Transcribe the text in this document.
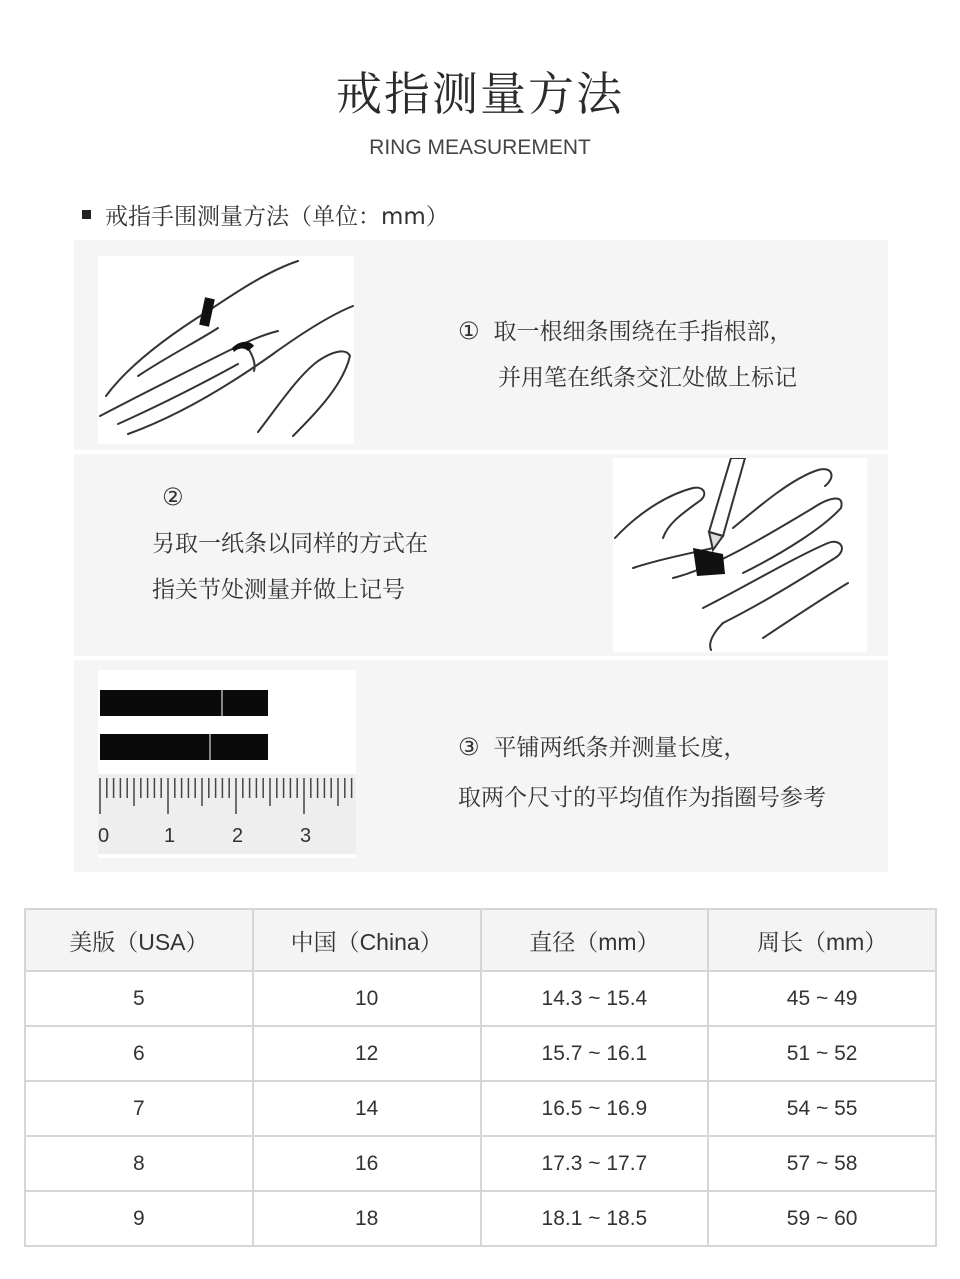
戒指测量方法
RING MEASUREMENT
戒指手围测量方法（单位：mm）
① 取一根细条围绕在手指根部，
并用笔在纸条交汇处做上标记
②
另取一纸条以同样的方式在
指关节处测量并做上记号
0	1	2	3
③ 平铺两纸条并测量长度，
取两个尺寸的平均值作为指圈号参考
美版（USA）	中国（China）	直径（mm）	周长（mm）
5	10	14.3 ~ 15.4	45 ~ 49
6	12	15.7 ~ 16.1	51 ~ 52
7	14	16.5 ~ 16.9	54 ~ 55
8	16	17.3 ~ 17.7	57 ~ 58
9	18	18.1 ~ 18.5	59 ~ 60
